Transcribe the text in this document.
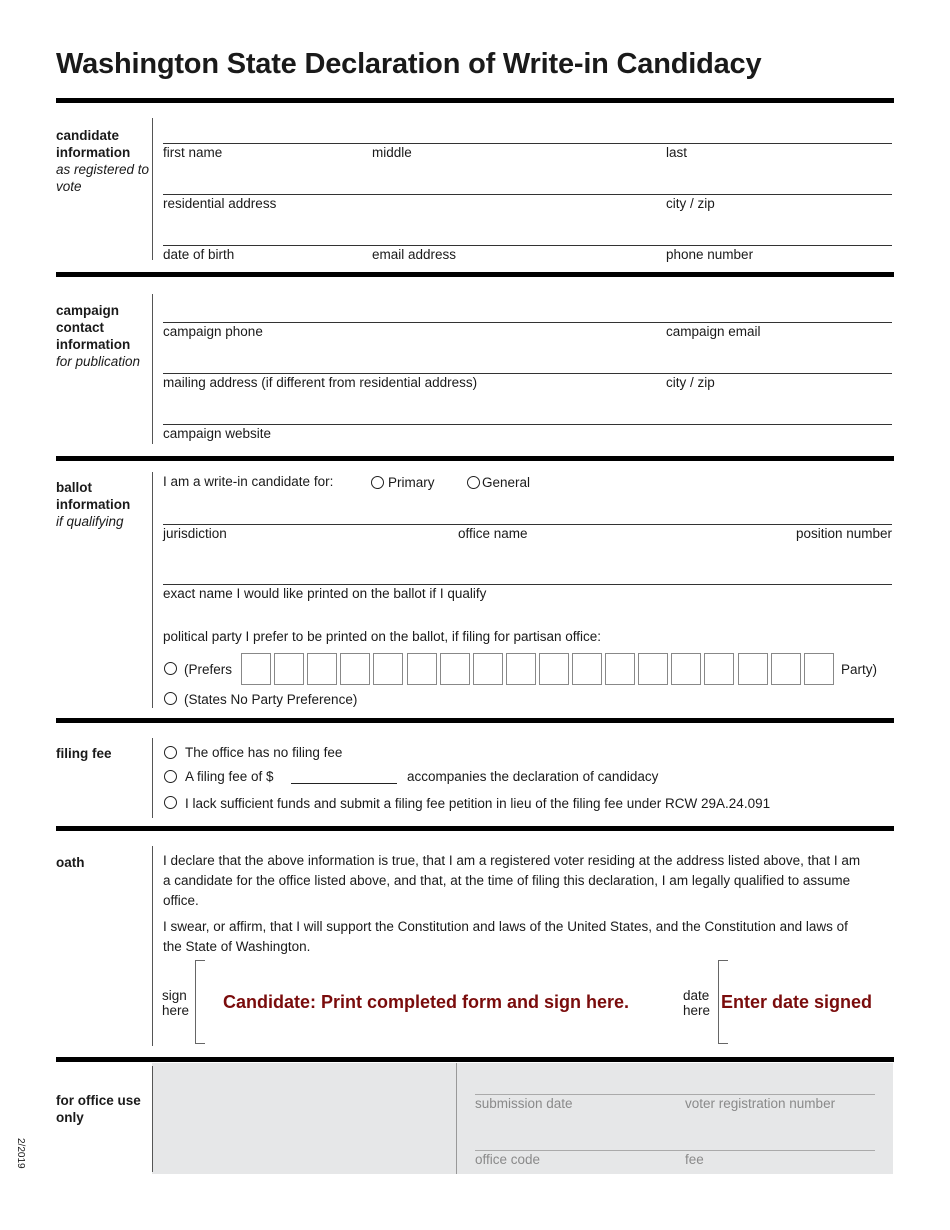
Washington State Declaration of Write-in Candidacy
candidate information
as registered to vote
first name	middle	last
residential address	city / zip
date of birth	email address	phone number
campaign contact information
for publication
campaign phone	campaign email
mailing address (if different from residential address)	city / zip
campaign website
ballot information
if qualifying
I am a write-in candidate for:	Primary	General
jurisdiction	office name	position number
exact name I would like printed on the ballot if I qualify
political party I prefer to be printed on the ballot, if filing for partisan office:
(Prefers	Party)
(States No Party Preference)
filing fee	The office has no filing fee
A filing fee of $	accompanies the declaration of candidacy
I lack sufficient funds and submit a filing fee petition in lieu of the filing fee under RCW 29A.24.091
oath	I declare that the above information is true, that I am a registered voter residing at the address listed above, that I am a candidate for the office listed above, and that, at the time of filing this declaration, I am legally qualified to assume office.
I swear, or affirm, that I will support the Constitution and laws of the United States, and the Constitution and laws of the State of Washington.
sign here Candidate: Print completed form and sign here.	date here Enter date signed
for office use only
submission date	voter registration number
office code	fee
2/2019
